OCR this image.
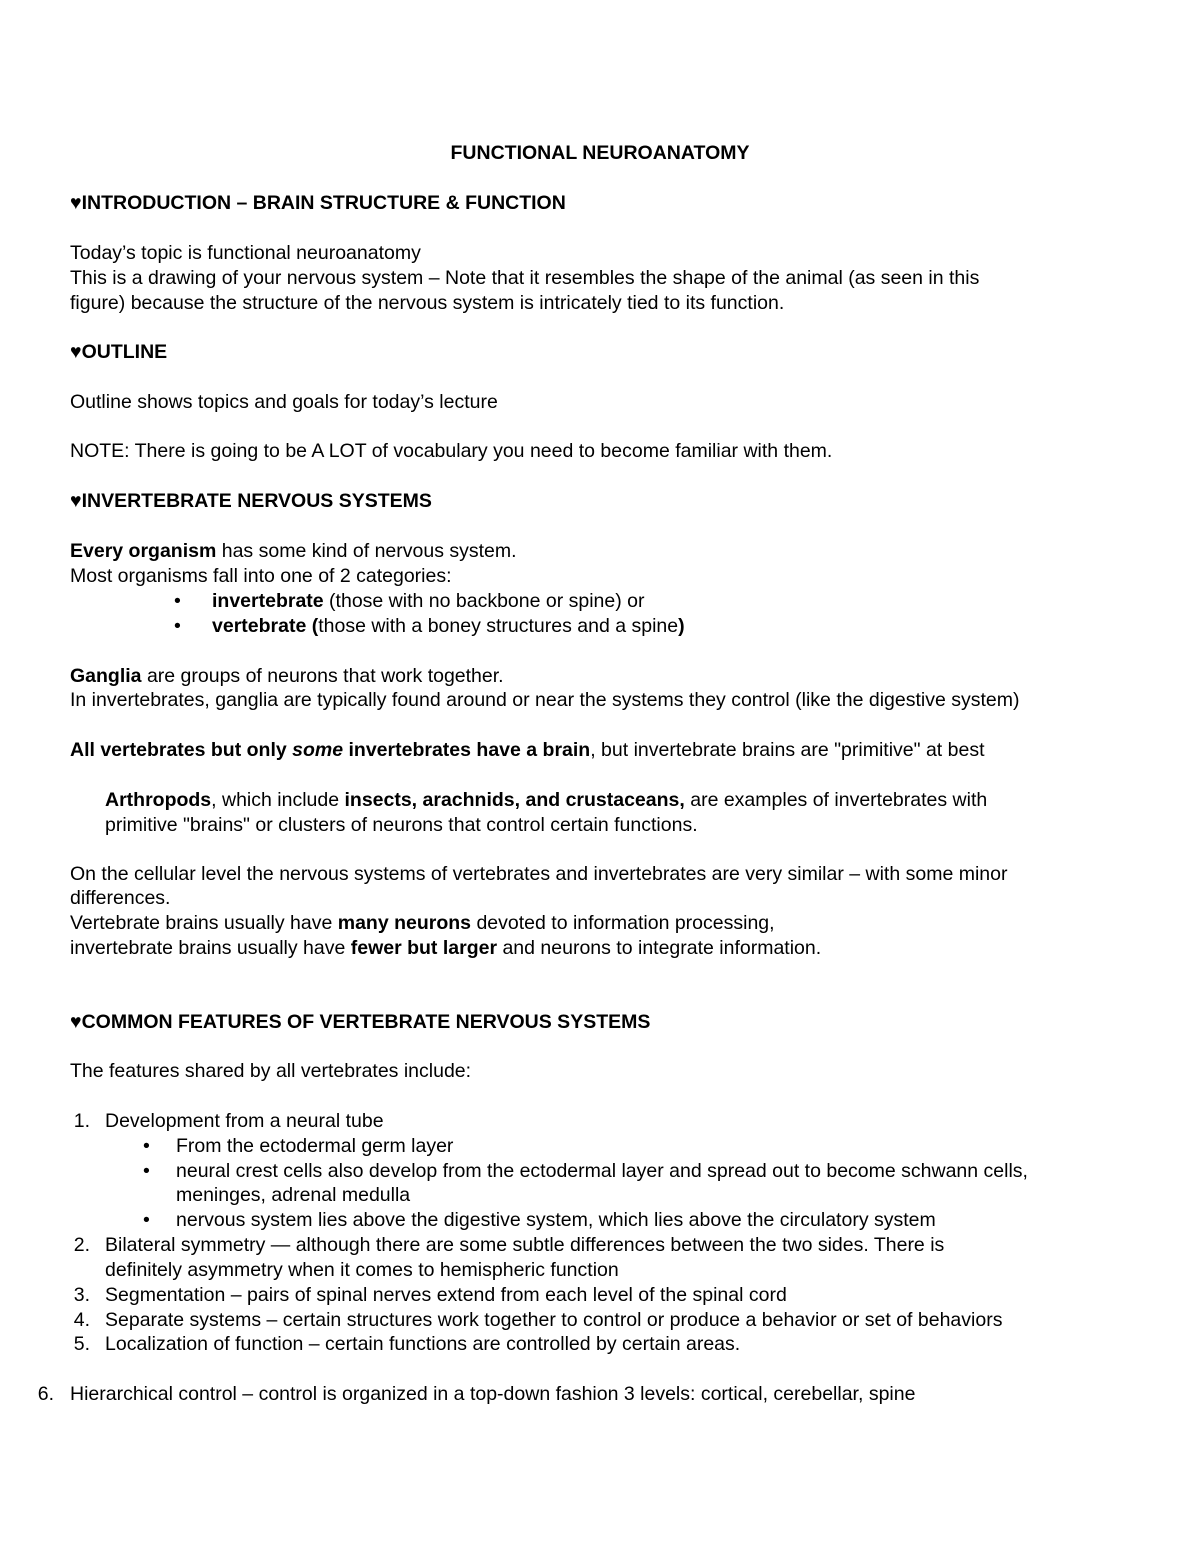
FUNCTIONAL NEUROANATOMY
♥INTRODUCTION – BRAIN STRUCTURE & FUNCTION
Today’s topic is functional neuroanatomy
This is a drawing of your nervous system – Note that it resembles the shape of the animal (as seen in this
figure) because the structure of the nervous system is intricately tied to its function.
♥OUTLINE
Outline shows topics and goals for today’s lecture
NOTE: There is going to be A LOT of vocabulary you need to become familiar with them.
♥INVERTEBRATE NERVOUS SYSTEMS
Every organism has some kind of nervous system.
Most organisms fall into one of 2 categories:
• invertebrate (those with no backbone or spine) or
• vertebrate (those with a boney structures and a spine)
Ganglia are groups of neurons that work together.
In invertebrates, ganglia are typically found around or near the systems they control (like the digestive system)
All vertebrates but only some invertebrates have a brain, but invertebrate brains are "primitive" at best
Arthropods, which include insects, arachnids, and crustaceans, are examples of invertebrates with
primitive "brains" or clusters of neurons that control certain functions.
On the cellular level the nervous systems of vertebrates and invertebrates are very similar – with some minor
differences.
Vertebrate brains usually have many neurons devoted to information processing,
invertebrate brains usually have fewer but larger and neurons to integrate information.
♥COMMON FEATURES OF VERTEBRATE NERVOUS SYSTEMS
The features shared by all vertebrates include:
1. Development from a neural tube
• From the ectodermal germ layer
• neural crest cells also develop from the ectodermal layer and spread out to become schwann cells,
meninges, adrenal medulla
• nervous system lies above the digestive system, which lies above the circulatory system
2. Bilateral symmetry — although there are some subtle differences between the two sides. There is
definitely asymmetry when it comes to hemispheric function
3. Segmentation – pairs of spinal nerves extend from each level of the spinal cord
4. Separate systems – certain structures work together to control or produce a behavior or set of behaviors
5. Localization of function – certain functions are controlled by certain areas.
6. Hierarchical control – control is organized in a top-down fashion 3 levels: cortical, cerebellar, spine
